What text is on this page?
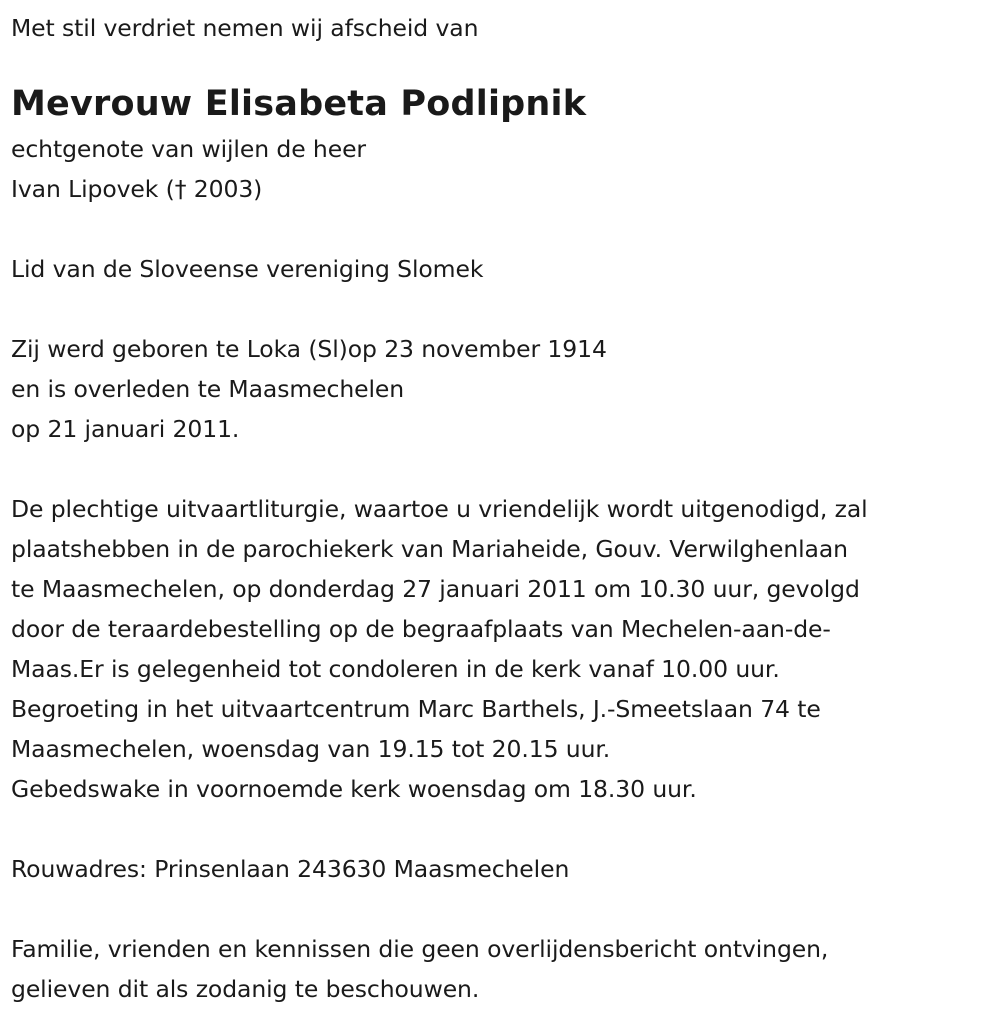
Met stil verdriet nemen wij afscheid van
Mevrouw Elisabeta Podlipnik
echtgenote van wijlen de heer
Ivan Lipovek († 2003)
Lid van de Sloveense vereniging Slomek
Zij werd geboren te Loka (Sl)op 23 november 1914
en is overleden te Maasmechelen
op 21 januari 2011.
De plechtige uitvaartliturgie, waartoe u vriendelijk wordt uitgenodigd, zal
plaatshebben in de parochiekerk van Mariaheide, Gouv. Verwilghenlaan
te Maasmechelen, op donderdag 27 januari 2011 om 10.30 uur, gevolgd
door de teraardebestelling op de begraafplaats van Mechelen-aan-de-
Maas.Er is gelegenheid tot condoleren in de kerk vanaf 10.00 uur.
Begroeting in het uitvaartcentrum Marc Barthels, J.-Smeetslaan 74 te
Maasmechelen, woensdag van 19.15 tot 20.15 uur.
Gebedswake in voornoemde kerk woensdag om 18.30 uur.
Rouwadres: Prinsenlaan 243630 Maasmechelen
Familie, vrienden en kennissen die geen overlijdensbericht ontvingen,
gelieven dit als zodanig te beschouwen.
